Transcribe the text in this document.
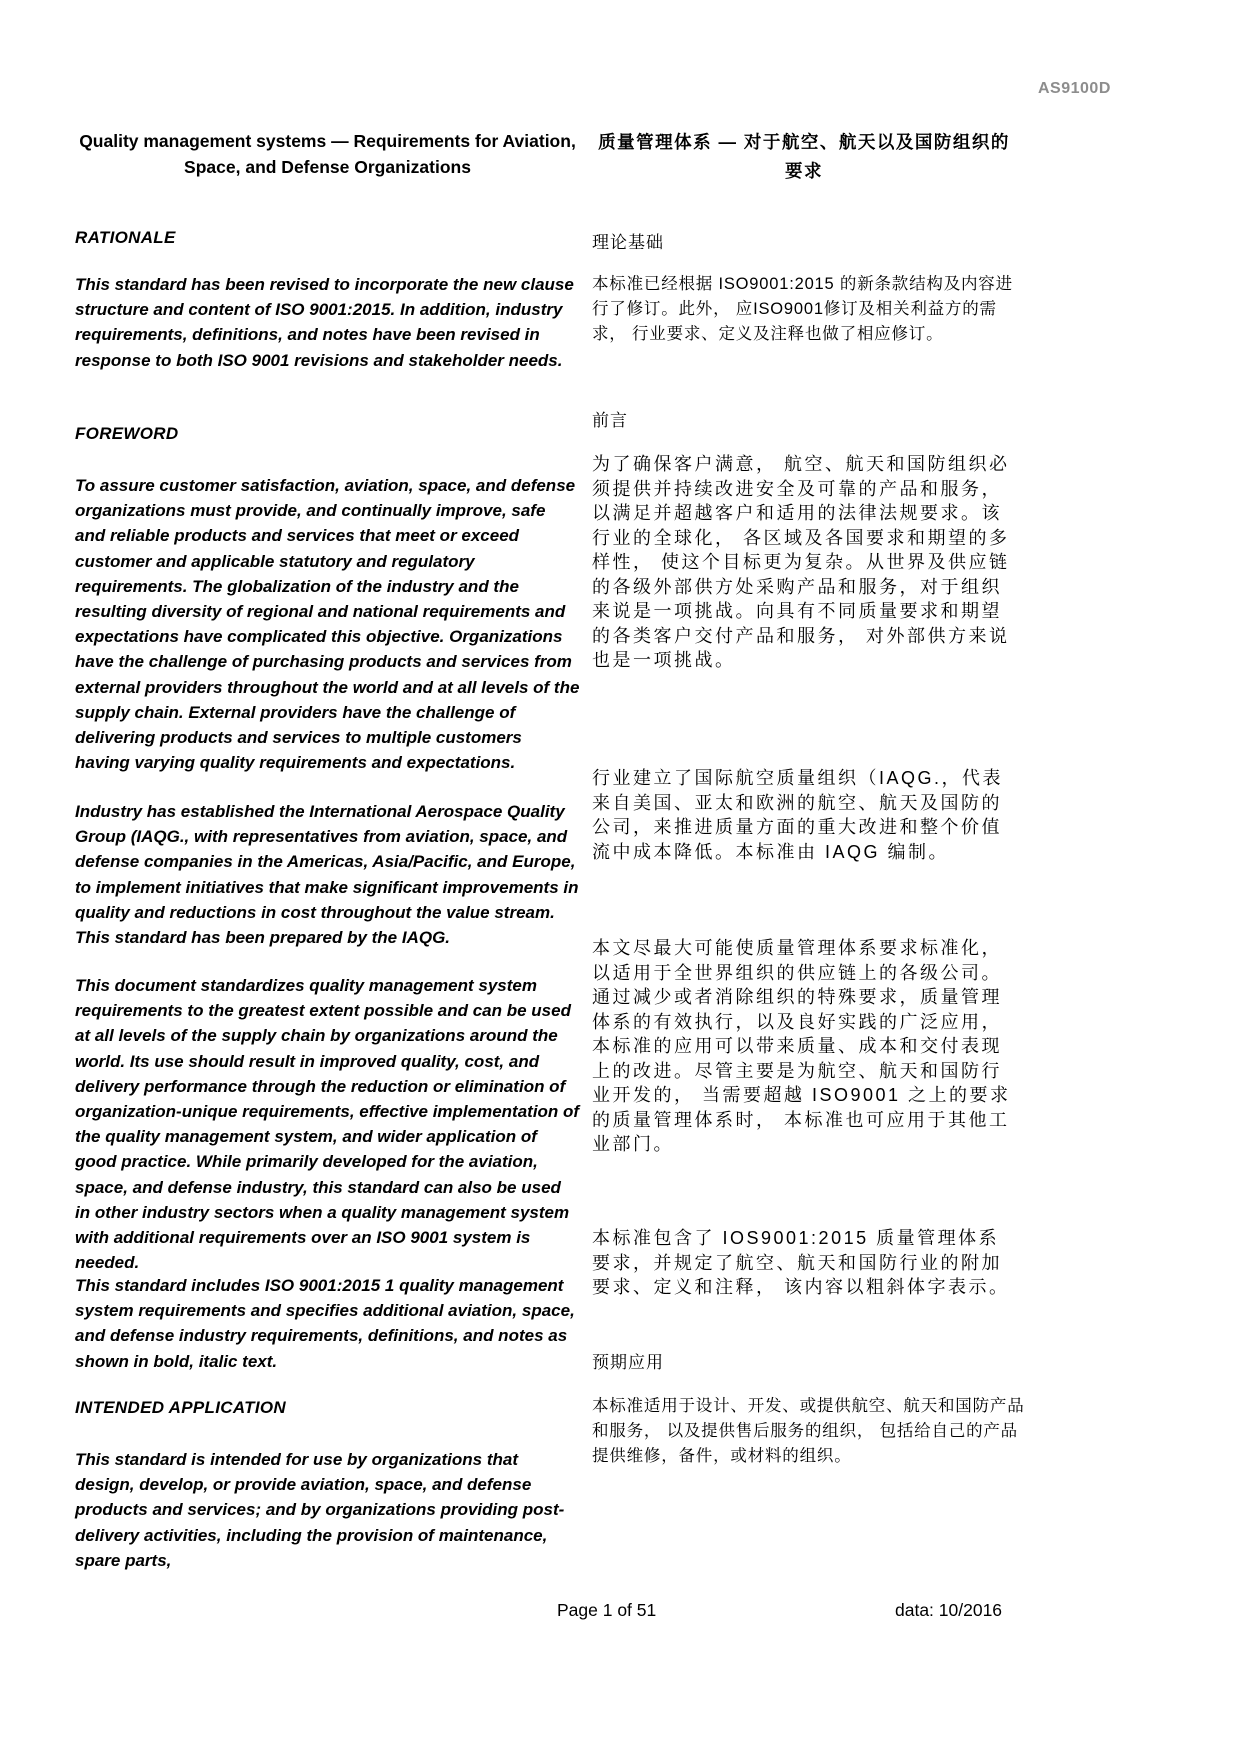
AS9100D
Quality management systems — Requirements for Aviation, Space, and Defense Organizations
RATIONALE
This standard has been revised to incorporate the new clause structure and content of ISO 9001:2015. In addition, industry requirements, definitions, and notes have been revised in response to both ISO 9001 revisions and stakeholder needs.
FOREWORD
To assure customer satisfaction, aviation, space, and defense organizations must provide, and continually improve, safe and reliable products and services that meet or exceed customer and applicable statutory and regulatory requirements. The globalization of the industry and the resulting diversity of regional and national requirements and expectations have complicated this objective. Organizations have the challenge of purchasing products and services from external providers throughout the world and at all levels of the supply chain. External providers have the challenge of delivering products and services to multiple customers having varying quality requirements and expectations.
Industry has established the International Aerospace Quality Group (IAQG., with representatives from aviation, space, and defense companies in the Americas, Asia/Pacific, and Europe, to implement initiatives that make significant improvements in quality and reductions in cost throughout the value stream. This standard has been prepared by the IAQG.
This document standardizes quality management system requirements to the greatest extent possible and can be used at all levels of the supply chain by organizations around the world. Its use should result in improved quality, cost, and delivery performance through the reduction or elimination of organization-unique requirements, effective implementation of the quality management system, and wider application of good practice. While primarily developed for the aviation, space, and defense industry, this standard can also be used in other industry sectors when a quality management system with additional requirements over an ISO 9001 system is needed.
This standard includes ISO 9001:2015 1 quality management system requirements and specifies additional aviation, space, and defense industry requirements, definitions, and notes as shown in bold, italic text.
INTENDED APPLICATION
This standard is intended for use by organizations that design, develop, or provide aviation, space, and defense products and services; and by organizations providing post-delivery activities, including the provision of maintenance, spare parts,
质量管理体系 — 对于航空、航天以及国防组织的要求
理论基础
本标准已经根据 ISO9001:2015 的新条款结构及内容进行了修订。此外， 应ISO9001修订及相关利益方的需求， 行业要求、定义及注释也做了相应修订。
前言
为了确保客户满意， 航空、航天和国防组织必须提供并持续改进安全及可靠的产品和服务，以满足并超越客户和适用的法律法规要求。该行业的全球化， 各区域及各国要求和期望的多样性， 使这个目标更为复杂。从世界及供应链的各级外部供方处采购产品和服务，对于组织来说是一项挑战。向具有不同质量要求和期望的各类客户交付产品和服务， 对外部供方来说也是一项挑战。
行业建立了国际航空质量组织（IAQG.，代表来自美国、亚太和欧洲的航空、航天及国防的公司，来推进质量方面的重大改进和整个价值流中成本降低。本标准由 IAQG 编制。
本文尽最大可能使质量管理体系要求标准化，以适用于全世界组织的供应链上的各级公司。通过减少或者消除组织的特殊要求，质量管理体系的有效执行，以及良好实践的广泛应用， 本标准的应用可以带来质量、成本和交付表现上的改进。尽管主要是为航空、航天和国防行业开发的， 当需要超越 ISO9001 之上的要求的质量管理体系时， 本标准也可应用于其他工业部门。
本标准包含了 IOS9001:2015 质量管理体系要求，并规定了航空、航天和国防行业的附加要求、定义和注释， 该内容以粗斜体字表示。
预期应用
本标准适用于设计、开发、或提供航空、航天和国防产品和服务， 以及提供售后服务的组织， 包括给自己的产品提供维修，备件，或材料的组织。
Page 1 of 51	data: 10/2016
